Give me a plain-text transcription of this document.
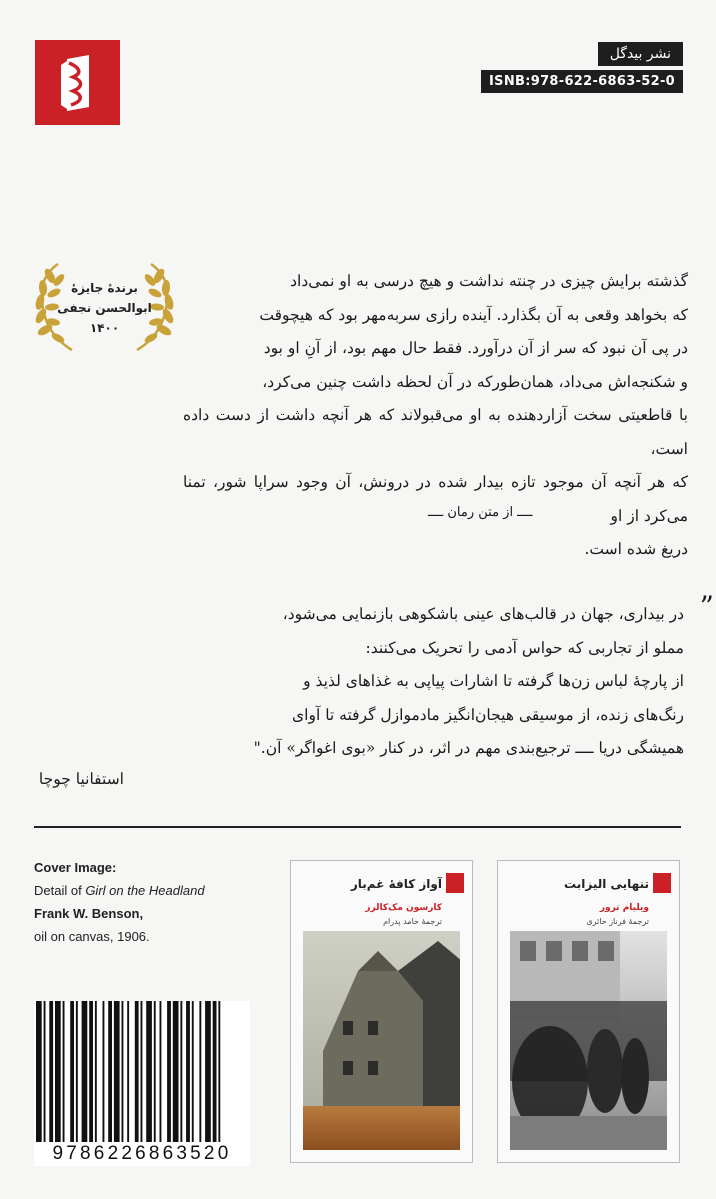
نشر بیدگل
ISNB:978-622-6863-52-0
برندۀ جایزۀ
ابوالحسن نجفی
۱۴۰۰
گذشته برایش چیزی در چنته نداشت و هیچ درسی به او نمی‌داد
که بخواهد وقعی به آن بگذارد. آینده رازی سربه‌مهر بود که هیچوقت
در پی آن نبود که سر از آن درآورد. فقط حال مهم بود، از آنِ او بود
و شکنجه‌اش می‌داد، همان‌طورکه در آن لحظه داشت چنین می‌کرد،
با قاطعیتی سخت آزاردهنده به او می‌قبولاند که هر آنچه داشت از دست داده است،
که هر آنچه آن موجود تازه بیدار شده در درونش، آن وجود سراپا شور، تمنا می‌کرد از او
دریغ شده است.
ــــ از متن رمان ــــ
”
در بیداری، جهان در قالب‌های عینی باشکوهی بازنمایی می‌شود،
مملو از تجاربی که حواس آدمی را تحریک می‌کنند:
از پارچۀ لباس زن‌ها گرفته تا اشارات پیاپی به غذاهای لذیذ و
رنگ‌های زنده، از موسیقی هیجان‌انگیز مادموازل گرفته تا آوای
همیشگی دریا ــــ ترجیع‌بندی مهم در اثر، در کنار «بوی اغواگر» آن."
استفانیا چوچا
Cover Image:
Detail of Girl on the Headland
Frank W. Benson,
oil on canvas, 1906.
9786226863520
آواز کافۀ غم‌بار
کارسون مک‌کالرز
ترجمۀ حامد پدرام
تنهایی الیزابت
ویلیام ترور
ترجمۀ فرناز حائری
